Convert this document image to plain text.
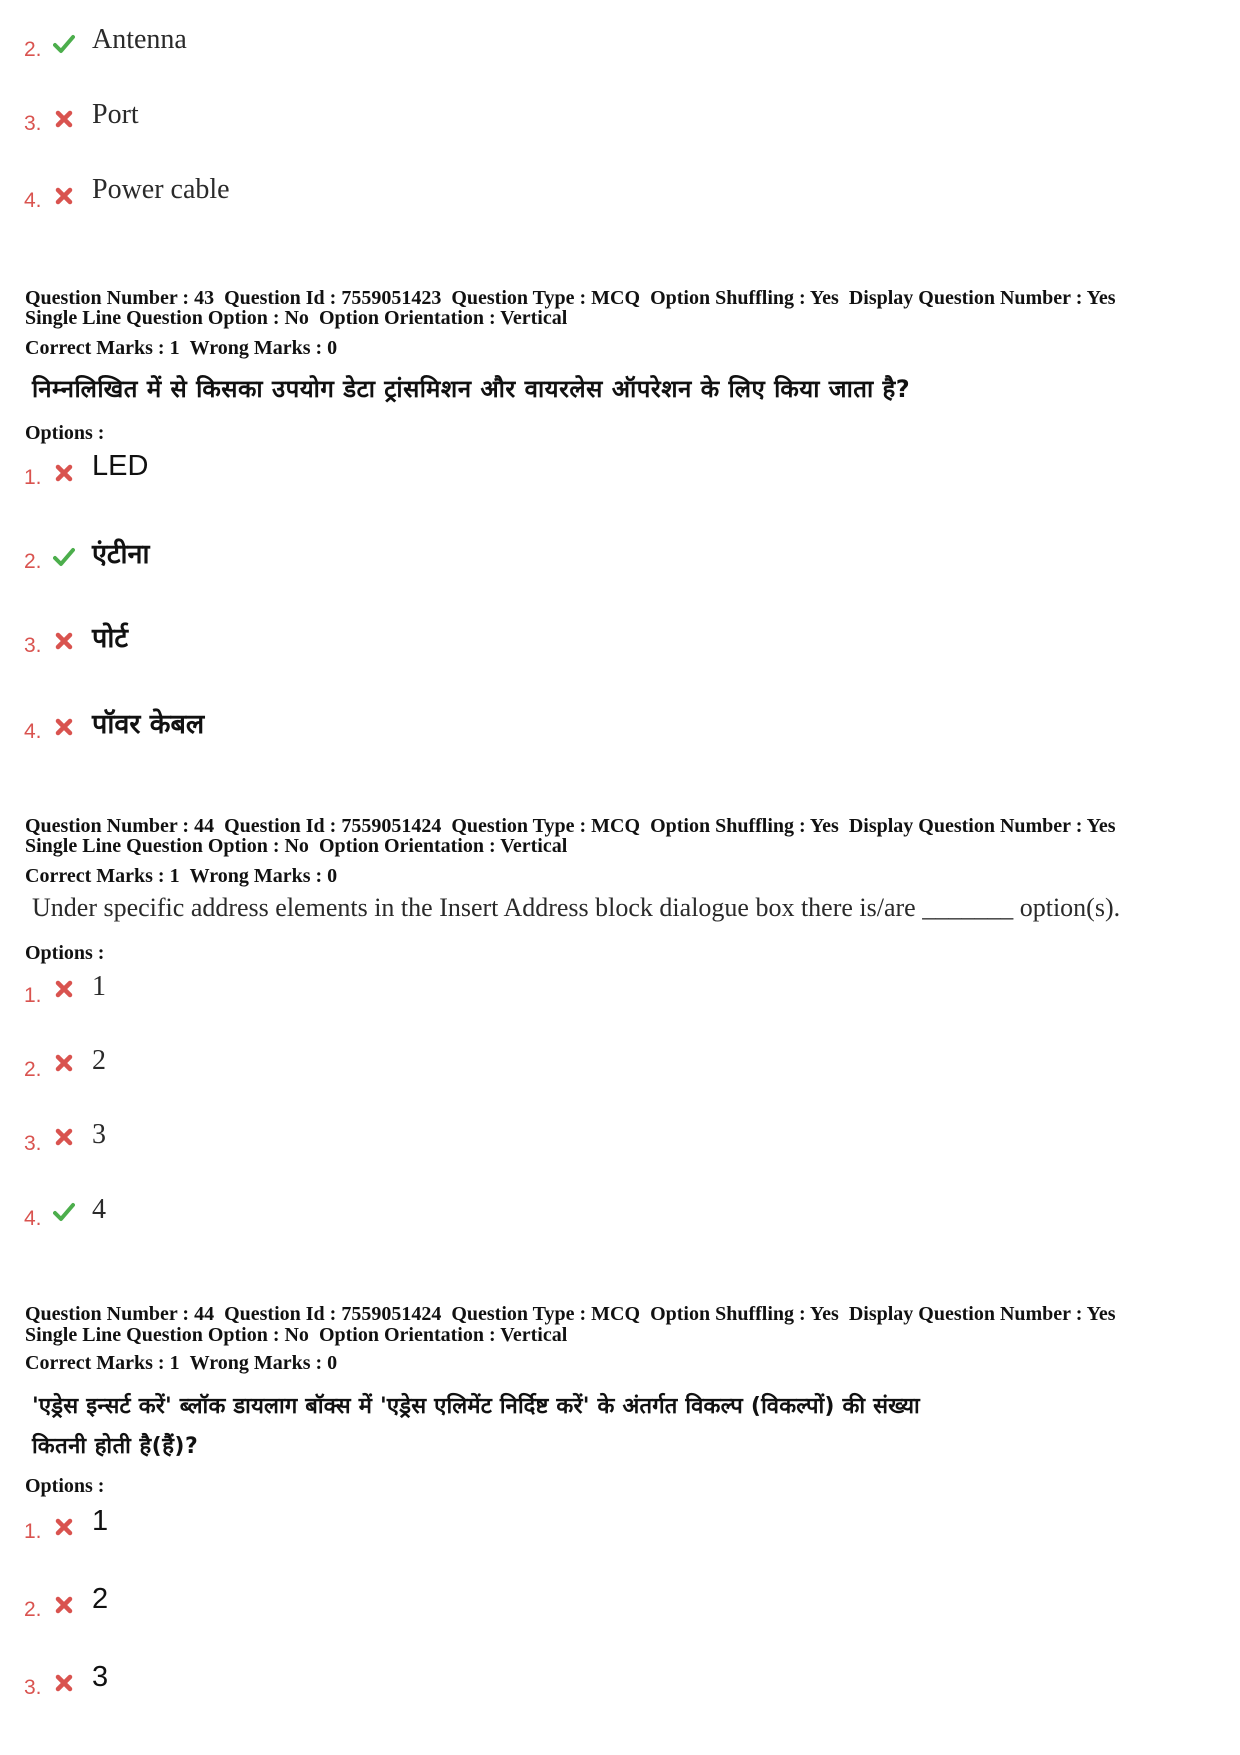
2. Antenna
3. Port
4. Power cable
Question Number : 43 Question Id : 7559051423 Question Type : MCQ Option Shuffling : Yes Display Question Number : Yes
Single Line Question Option : No Option Orientation : Vertical
Correct Marks : 1 Wrong Marks : 0
निम्नलिखित में से किसका उपयोग डेटा ट्रांसमिशन और वायरलेस ऑपरेशन के लिए किया जाता है?
Options :
1. LED
2. एंटीना
3. पोर्ट
4. पॉवर केबल
Question Number : 44 Question Id : 7559051424 Question Type : MCQ Option Shuffling : Yes Display Question Number : Yes
Single Line Question Option : No Option Orientation : Vertical
Correct Marks : 1 Wrong Marks : 0
Under specific address elements in the Insert Address block dialogue box there is/are _______ option(s).
Options :
1. 1
2. 2
3. 3
4. 4
Question Number : 44 Question Id : 7559051424 Question Type : MCQ Option Shuffling : Yes Display Question Number : Yes
Single Line Question Option : No Option Orientation : Vertical
Correct Marks : 1 Wrong Marks : 0
'एड्रेस इन्सर्ट करें' ब्लॉक डायलाग बॉक्स में 'एड्रेस एलिमेंट निर्दिष्ट करें' के अंतर्गत विकल्प (विकल्पों) की संख्या
कितनी होती है(हैं)?
Options :
1. 1
2. 2
3. 3
